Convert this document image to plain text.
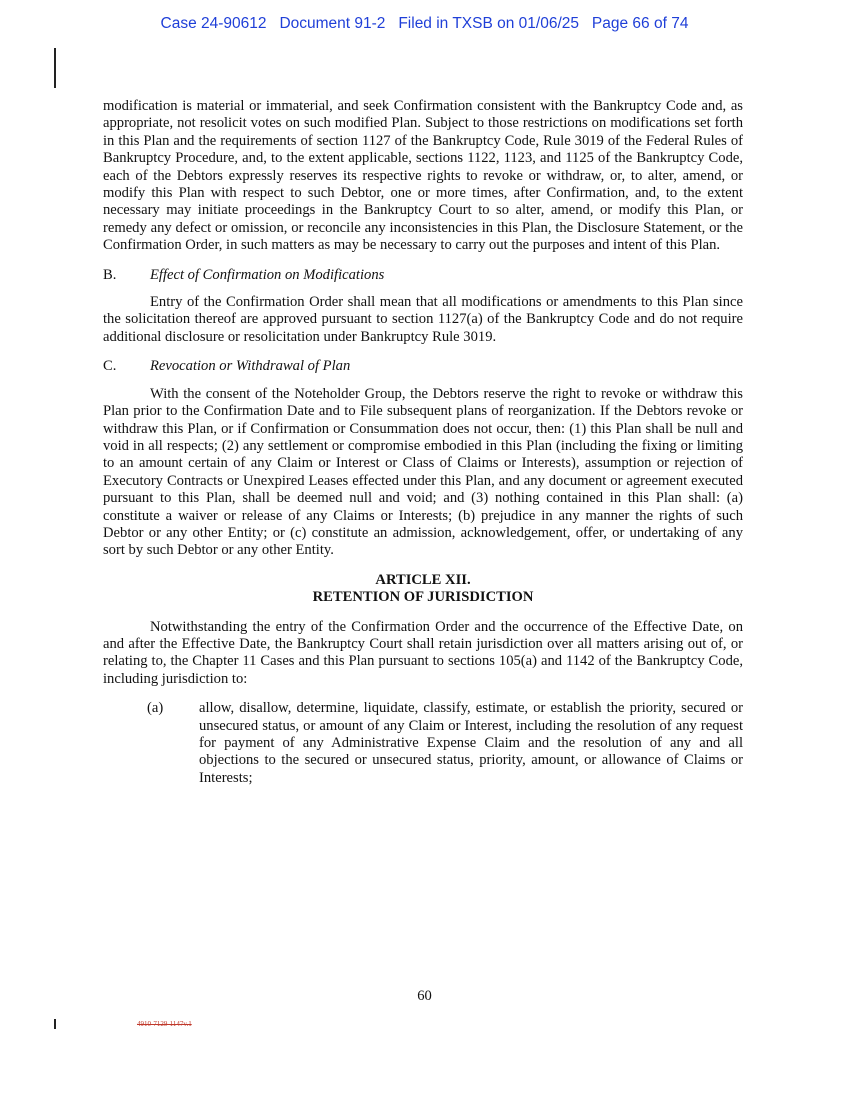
Case 24-90612   Document 91-2   Filed in TXSB on 01/06/25   Page 66 of 74

modification is material or immaterial, and seek Confirmation consistent with the Bankruptcy Code and, as appropriate, not resolicit votes on such modified Plan. Subject to those restrictions on modifications set forth in this Plan and the requirements of section 1127 of the Bankruptcy Code, Rule 3019 of the Federal Rules of Bankruptcy Procedure, and, to the extent applicable, sections 1122, 1123, and 1125 of the Bankruptcy Code, each of the Debtors expressly reserves its respective rights to revoke or withdraw, or, to alter, amend, or modify this Plan with respect to such Debtor, one or more times, after Confirmation, and, to the extent necessary may initiate proceedings in the Bankruptcy Court to so alter, amend, or modify this Plan, or remedy any defect or omission, or reconcile any inconsistencies in this Plan, the Disclosure Statement, or the Confirmation Order, in such matters as may be necessary to carry out the purposes and intent of this Plan.

B. Effect of Confirmation on Modifications

Entry of the Confirmation Order shall mean that all modifications or amendments to this Plan since the solicitation thereof are approved pursuant to section 1127(a) of the Bankruptcy Code and do not require additional disclosure or resolicitation under Bankruptcy Rule 3019.

C. Revocation or Withdrawal of Plan

With the consent of the Noteholder Group, the Debtors reserve the right to revoke or withdraw this Plan prior to the Confirmation Date and to File subsequent plans of reorganization. If the Debtors revoke or withdraw this Plan, or if Confirmation or Consummation does not occur, then: (1) this Plan shall be null and void in all respects; (2) any settlement or compromise embodied in this Plan (including the fixing or limiting to an amount certain of any Claim or Interest or Class of Claims or Interests), assumption or rejection of Executory Contracts or Unexpired Leases effected under this Plan, and any document or agreement executed pursuant to this Plan, shall be deemed null and void; and (3) nothing contained in this Plan shall: (a) constitute a waiver or release of any Claims or Interests; (b) prejudice in any manner the rights of such Debtor or any other Entity; or (c) constitute an admission, acknowledgement, offer, or undertaking of any sort by such Debtor or any other Entity.

ARTICLE XII.
RETENTION OF JURISDICTION

Notwithstanding the entry of the Confirmation Order and the occurrence of the Effective Date, on and after the Effective Date, the Bankruptcy Court shall retain jurisdiction over all matters arising out of, or relating to, the Chapter 11 Cases and this Plan pursuant to sections 105(a) and 1142 of the Bankruptcy Code, including jurisdiction to:

(a)	allow, disallow, determine, liquidate, classify, estimate, or establish the priority, secured or unsecured status, or amount of any Claim or Interest, including the resolution of any request for payment of any Administrative Expense Claim and the resolution of any and all objections to the secured or unsecured status, priority, amount, or allowance of Claims or Interests;
60
4910-7129-1147v.1
